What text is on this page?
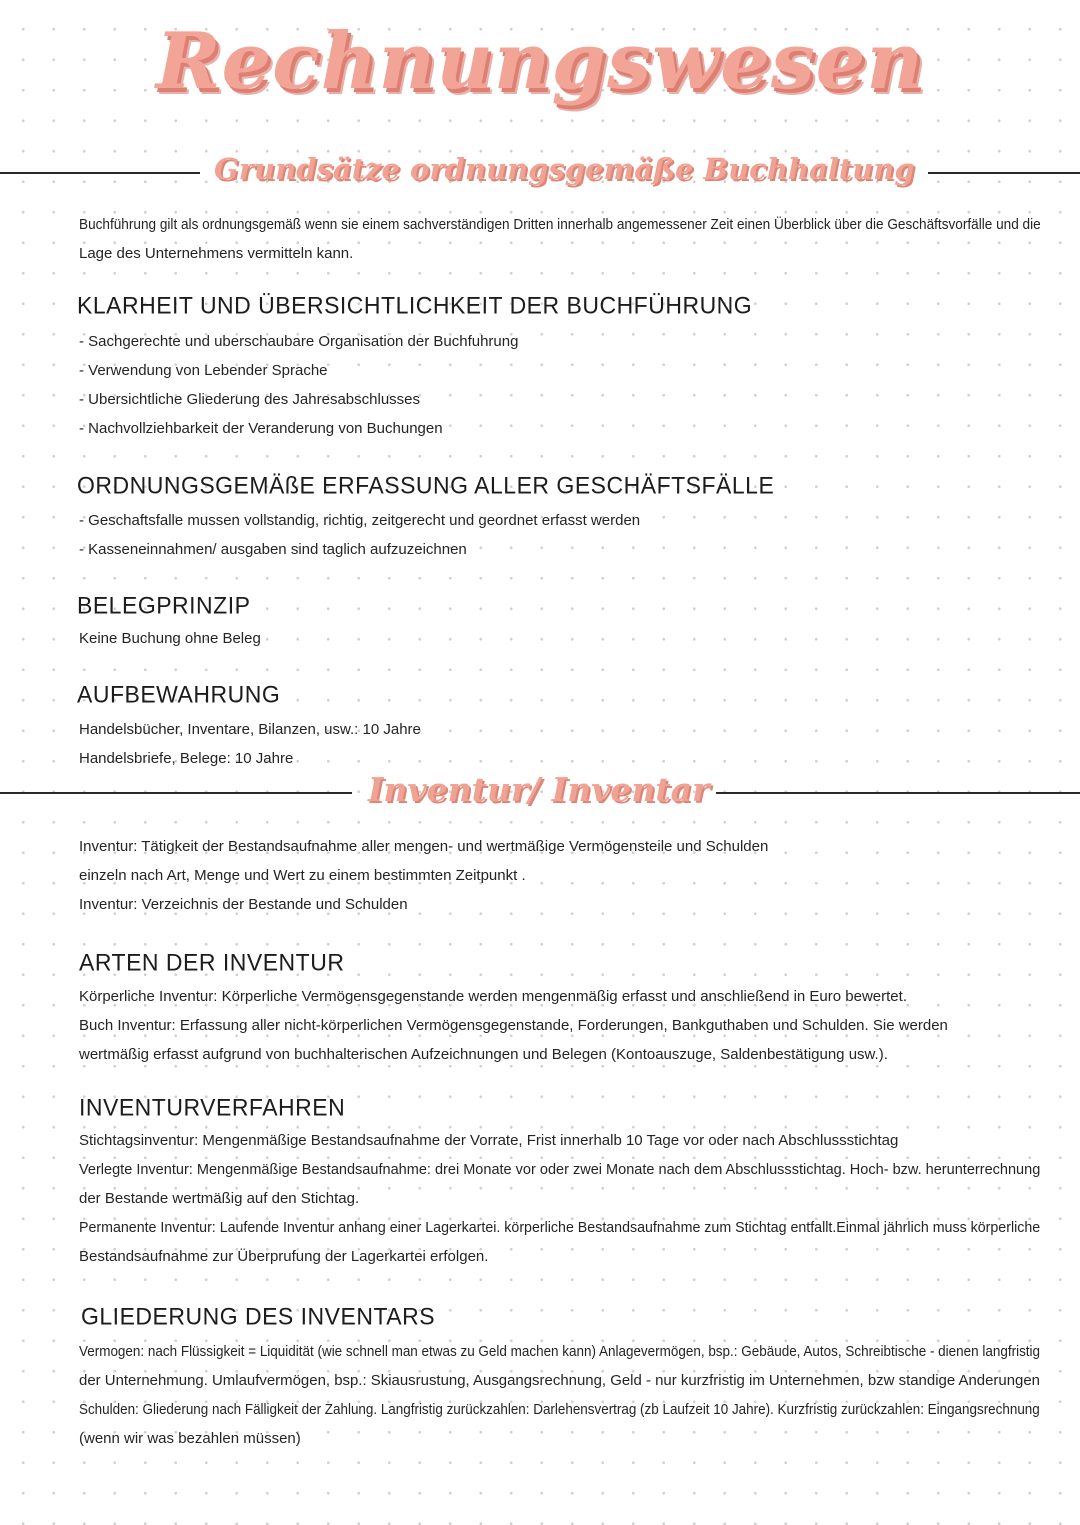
Rechnungswesen
Grundsätze ordnungsgemäße Buchhaltung
Buchführung gilt als ordnungsgemäß wenn sie einem sachverständigen Dritten innerhalb angemessener Zeit einen Überblick über die Geschäftsvorfälle und die
Lage des Unternehmens vermitteln kann.
KLARHEIT UND ÜBERSICHTLICHKEIT DER BUCHFÜHRUNG
- Sachgerechte und uberschaubare Organisation der Buchfuhrung
- Verwendung von Lebender Sprache
- Ubersichtliche Gliederung des Jahresabschlusses
- Nachvollziehbarkeit der Veranderung von Buchungen
ORDNUNGSGEMÄßE ERFASSUNG ALLER GESCHÄFTSFÄLLE
- Geschaftsfalle mussen vollstandig, richtig, zeitgerecht und geordnet erfasst werden
- Kasseneinnahmen/ ausgaben sind taglich aufzuzeichnen
BELEGPRINZIP
Keine Buchung ohne Beleg
AUFBEWAHRUNG
Handelsbücher, Inventare, Bilanzen, usw.: 10 Jahre
Handelsbriefe, Belege: 10 Jahre
Inventur/ Inventar
Inventur: Tätigkeit der Bestandsaufnahme aller mengen- und wertmäßige Vermögensteile und Schulden
einzeln nach Art, Menge und Wert zu einem bestimmten Zeitpunkt .
Inventur: Verzeichnis der Bestande und Schulden
ARTEN DER INVENTUR
Körperliche Inventur: Körperliche Vermögensgegenstande werden mengenmäßig erfasst und anschließend in Euro bewertet.
Buch Inventur: Erfassung aller nicht-körperlichen Vermögensgegenstande, Forderungen, Bankguthaben und Schulden. Sie werden
wertmäßig erfasst aufgrund von buchhalterischen Aufzeichnungen und Belegen (Kontoauszuge, Saldenbestätigung usw.).
INVENTURVERFAHREN
Stichtagsinventur: Mengenmäßige Bestandsaufnahme der Vorrate, Frist innerhalb 10 Tage vor oder nach Abschlussstichtag
Verlegte Inventur: Mengenmäßige Bestandsaufnahme: drei Monate vor oder zwei Monate nach dem Abschlussstichtag. Hoch- bzw. herunterrechnung
der Bestande wertmäßig auf den Stichtag.
Permanente Inventur: Laufende Inventur anhang einer Lagerkartei. körperliche Bestandsaufnahme zum Stichtag entfallt.Einmal jährlich muss körperliche
Bestandsaufnahme zur Überprufung der Lagerkartei erfolgen.
GLIEDERUNG DES INVENTARS
Vermogen: nach Flüssigkeit = Liquidität (wie schnell man etwas zu Geld machen kann) Anlagevermögen, bsp.: Gebäude, Autos, Schreibtische - dienen langfristig
der Unternehmung. Umlaufvermögen, bsp.: Skiausrustung, Ausgangsrechnung, Geld - nur kurzfristig im Unternehmen, bzw standige Anderungen
Schulden: Gliederung nach Fälligkeit der Zahlung. Langfristig zurückzahlen: Darlehensvertrag (zb Laufzeit 10 Jahre). Kurzfristig zurückzahlen: Eingangsrechnung
(wenn wir was bezahlen müssen)
